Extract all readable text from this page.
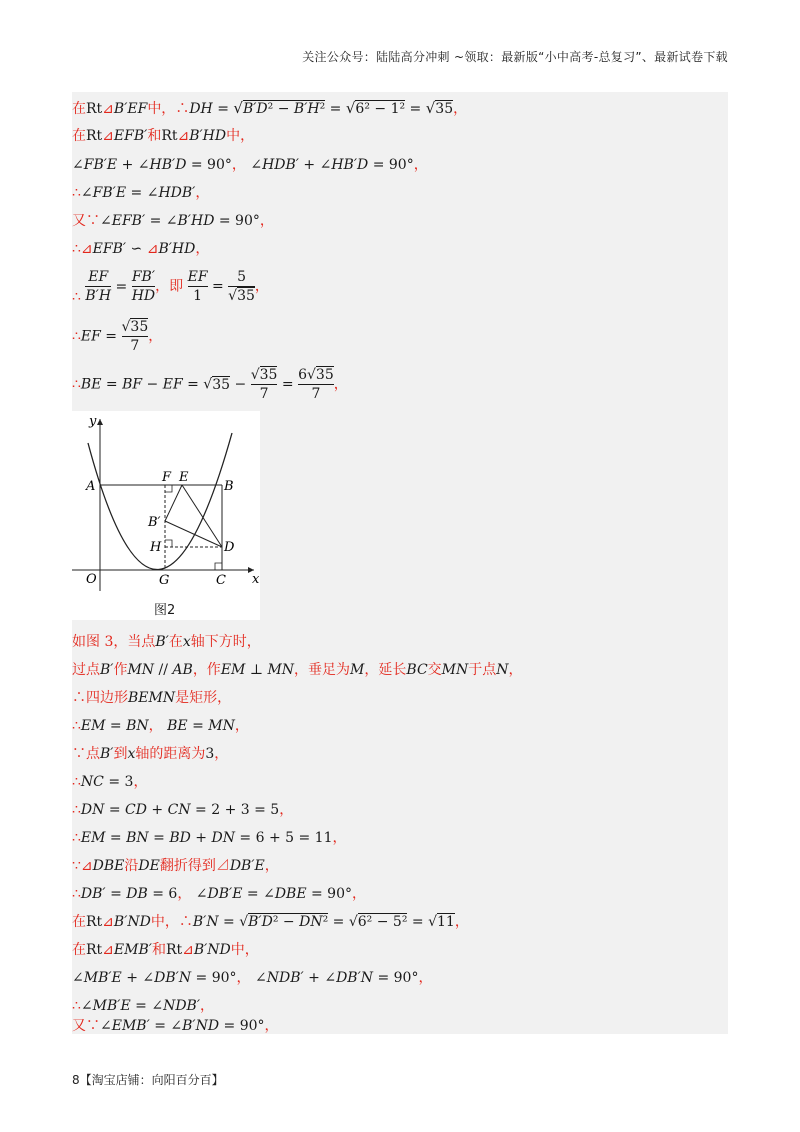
关注公众号：陆陆高分冲刺 ~领取：最新版“小中高考-总复习”、最新试卷下载
在Rt⊿B′EF中，∴DH = √B′D² − B′H² = √6² − 1² = √35，
在Rt⊿EFB′和Rt⊿B′HD中，
∠FB′E + ∠HB′D = 90°， ∠HDB′ + ∠HB′D = 90°，
∴∠FB′E = ∠HDB′，
又∵∠EFB′ = ∠B′HD = 90°，
∴⊿EFB′ ∽ ⊿B′HD，
∴ $\frac{EF}{B'H} = \frac{FB'}{HD}$ ，即 $\frac{EF}{1} = \frac{5}{√35}$ ，
∴EF = $\frac{√35}{7}$ ，
∴BE = BF − EF = $√35 - \frac{√35}{7} = \frac{6√35}{7}$ ，
y
x
O
A	B
F E
B′
H	D
G	C
图2
如图 3，当点B′在x轴下方时，
过点B′作MN // AB，作EM ⊥ MN，垂足为M，延长BC交MN于点N，
∴四边形BEMN是矩形，
∴EM = BN， BE = MN，
∵点B′到x轴的距离为3，
∴NC = 3，
∴DN = CD + CN = 2 + 3 = 5，
∴EM = BN = BD + DN = 6 + 5 = 11，
∵⊿DBE沿DE翻折得到⊿DB′E，
∴DB′ = DB = 6， ∠DB′E = ∠DBE = 90°，
在Rt⊿B′ND中，∴B′N = √B′D² − DN² = √6² − 5² = √11，
在Rt⊿EMB′和Rt⊿B′ND中，
∠MB′E + ∠DB′N = 90°， ∠NDB′ + ∠DB′N = 90°，
∴∠MB′E = ∠NDB′，
又∵∠EMB′ = ∠B′ND = 90°，
8【淘宝店铺：向阳百分百】
